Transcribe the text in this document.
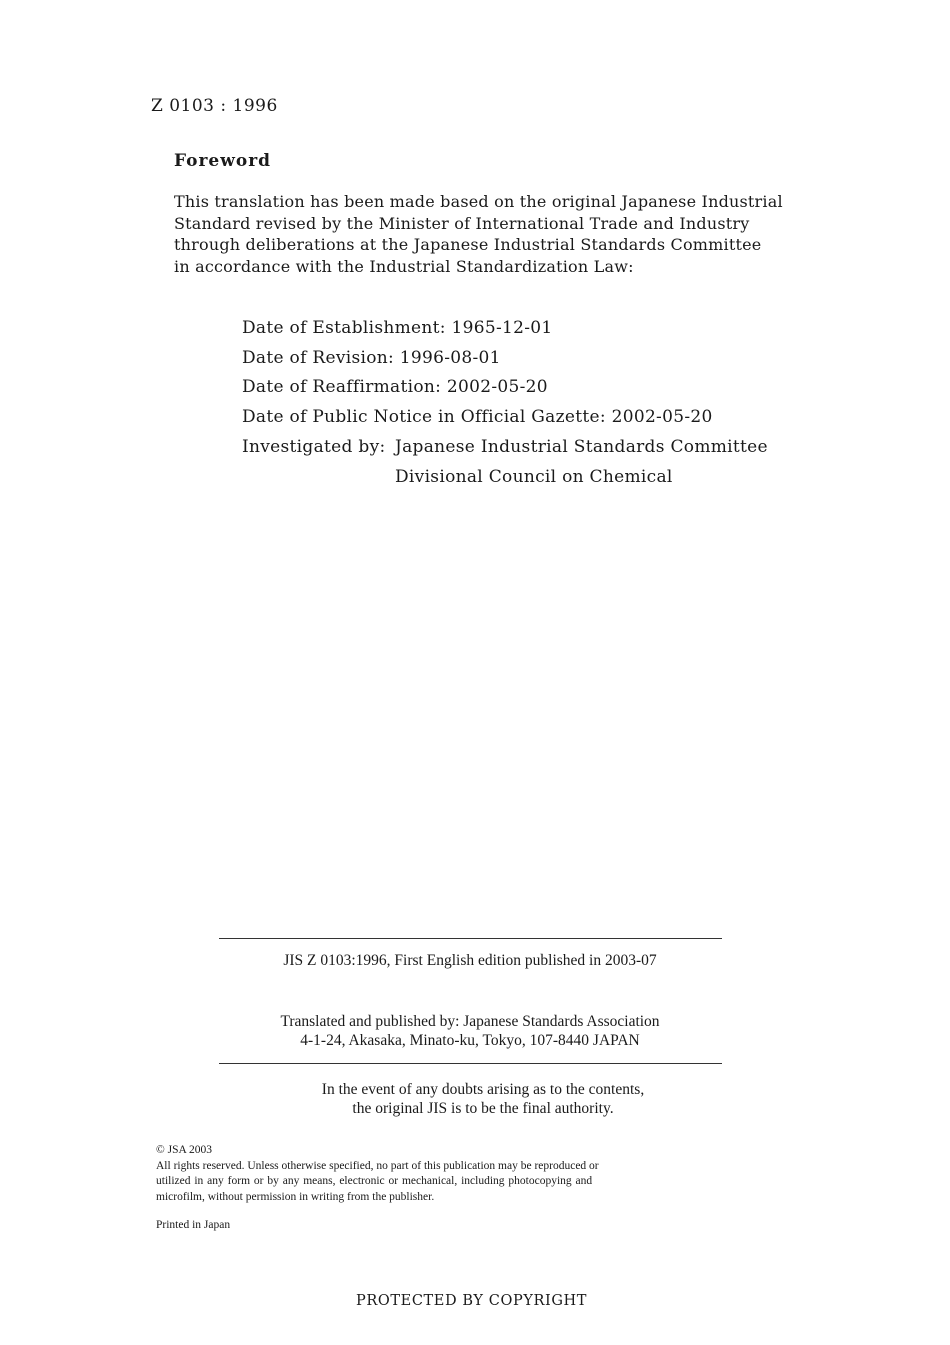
Z 0103 : 1996

Foreword
This translation has been made based on the original Japanese Industrial
Standard revised by the Minister of International Trade and Industry
through deliberations at the Japanese Industrial Standards Committee
in accordance with the Industrial Standardization Law:
Date of Establishment: 1965-12-01
Date of Revision: 1996-08-01
Date of Reaffirmation: 2002-05-20
Date of Public Notice in Official Gazette: 2002-05-20
Investigated by: Japanese Industrial Standards Committee
Divisional Council on Chemical

JIS Z 0103:1996, First English edition published in 2003-07

Translated and published by: Japanese Standards Association
4-1-24, Akasaka, Minato-ku, Tokyo, 107-8440 JAPAN
In the event of any doubts arising as to the contents,
the original JIS is to be the final authority.
© JSA 2003
All rights reserved. Unless otherwise specified, no part of this publication may be reproduced or
utilized in any form or by any means, electronic or mechanical, including photocopying and
microfilm, without permission in writing from the publisher.

Printed in Japan

PROTECTED BY COPYRIGHT
